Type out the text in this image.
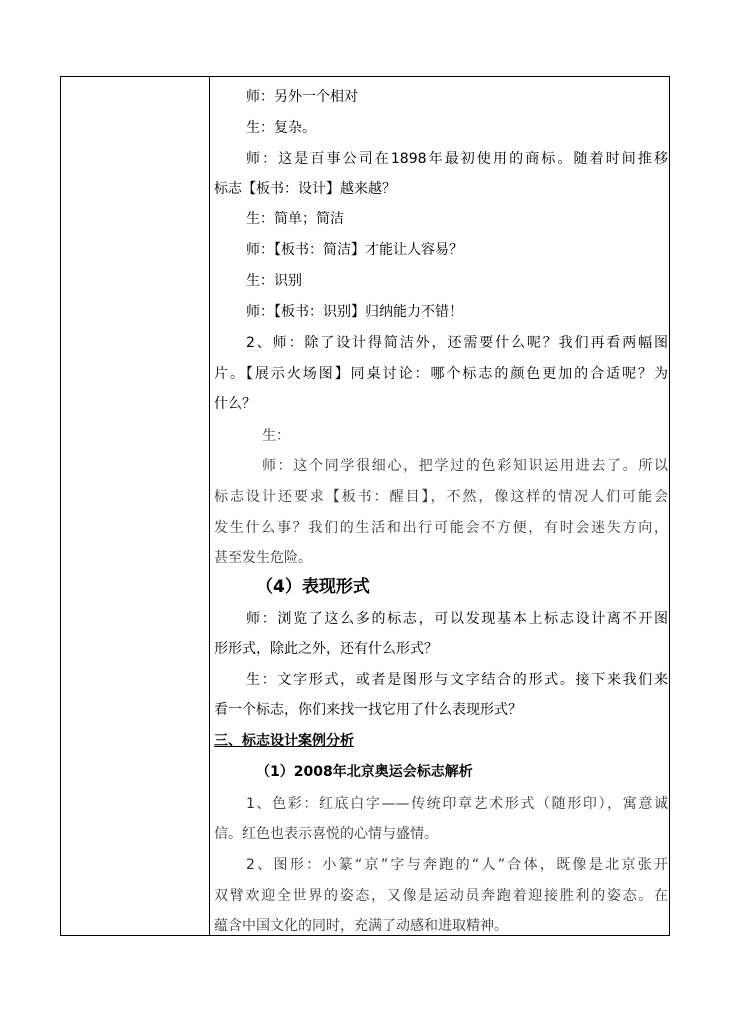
师：另外一个相对
生：复杂。
师：这是百事公司在1898年最初使用的商标。随着时间推移
标志【板书：设计】越来越？
生：简单；简洁
师：【板书：简洁】才能让人容易？
生：识别
师：【板书：识别】归纳能力不错！
2、师：除了设计得简洁外，还需要什么呢？我们再看两幅图
片。【展示火场图】同桌讨论：哪个标志的颜色更加的合适呢？为
什么？
生：
师：这个同学很细心，把学过的色彩知识运用进去了。所以
标志设计还要求【板书：醒目】，不然，像这样的情况人们可能会
发生什么事？我们的生活和出行可能会不方便，有时会迷失方向，
甚至发生危险。
（4）表现形式
师：浏览了这么多的标志，可以发现基本上标志设计离不开图
形形式，除此之外，还有什么形式？
生：文字形式，或者是图形与文字结合的形式。接下来我们来
看一个标志，你们来找一找它用了什么表现形式？
三、标志设计案例分析
（1）2008年北京奥运会标志解析
1、色彩：红底白字——传统印章艺术形式（随形印），寓意诚
信。红色也表示喜悦的心情与盛情。
2、图形：小篆“京”字与奔跑的“人”合体，既像是北京张开
双臂欢迎全世界的姿态，又像是运动员奔跑着迎接胜利的姿态。在
蕴含中国文化的同时，充满了动感和进取精神。
